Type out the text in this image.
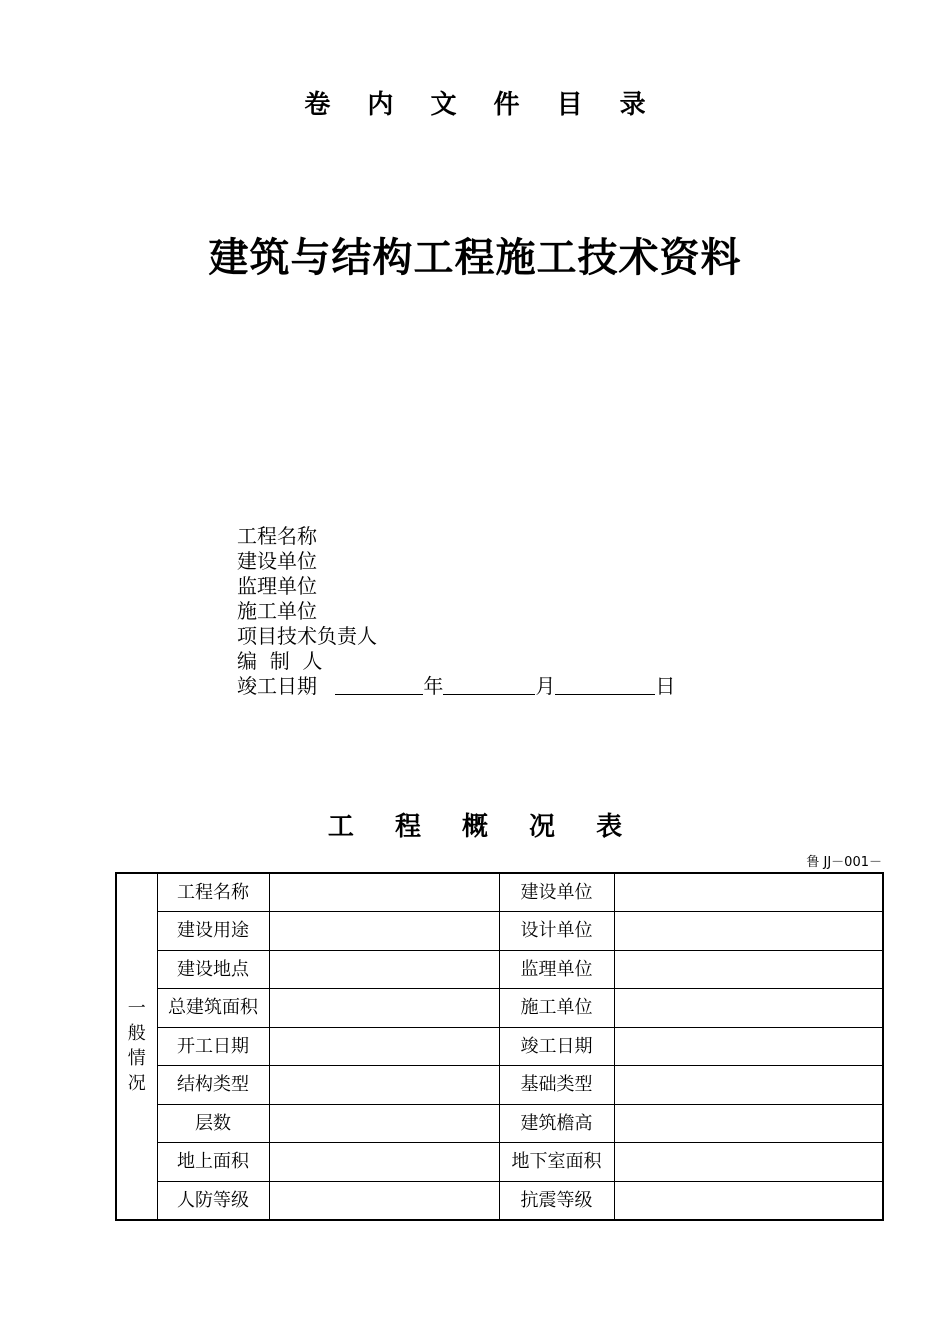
卷 内 文 件 目 录
建筑与结构工程施工技术资料
工程名称
建设单位
监理单位
施工单位
项目技术负责人
编  制  人
竣工日期	年	月	日
工 程 概 况 表
鲁 JJ－001－
一
般
情
况	工程名称		建设单位	
	建设用途		设计单位	
	建设地点		监理单位	
	总建筑面积		施工单位	
	开工日期		竣工日期	
	结构类型		基础类型	
	层数		建筑檐高	
	地上面积		地下室面积	
	人防等级		抗震等级	
